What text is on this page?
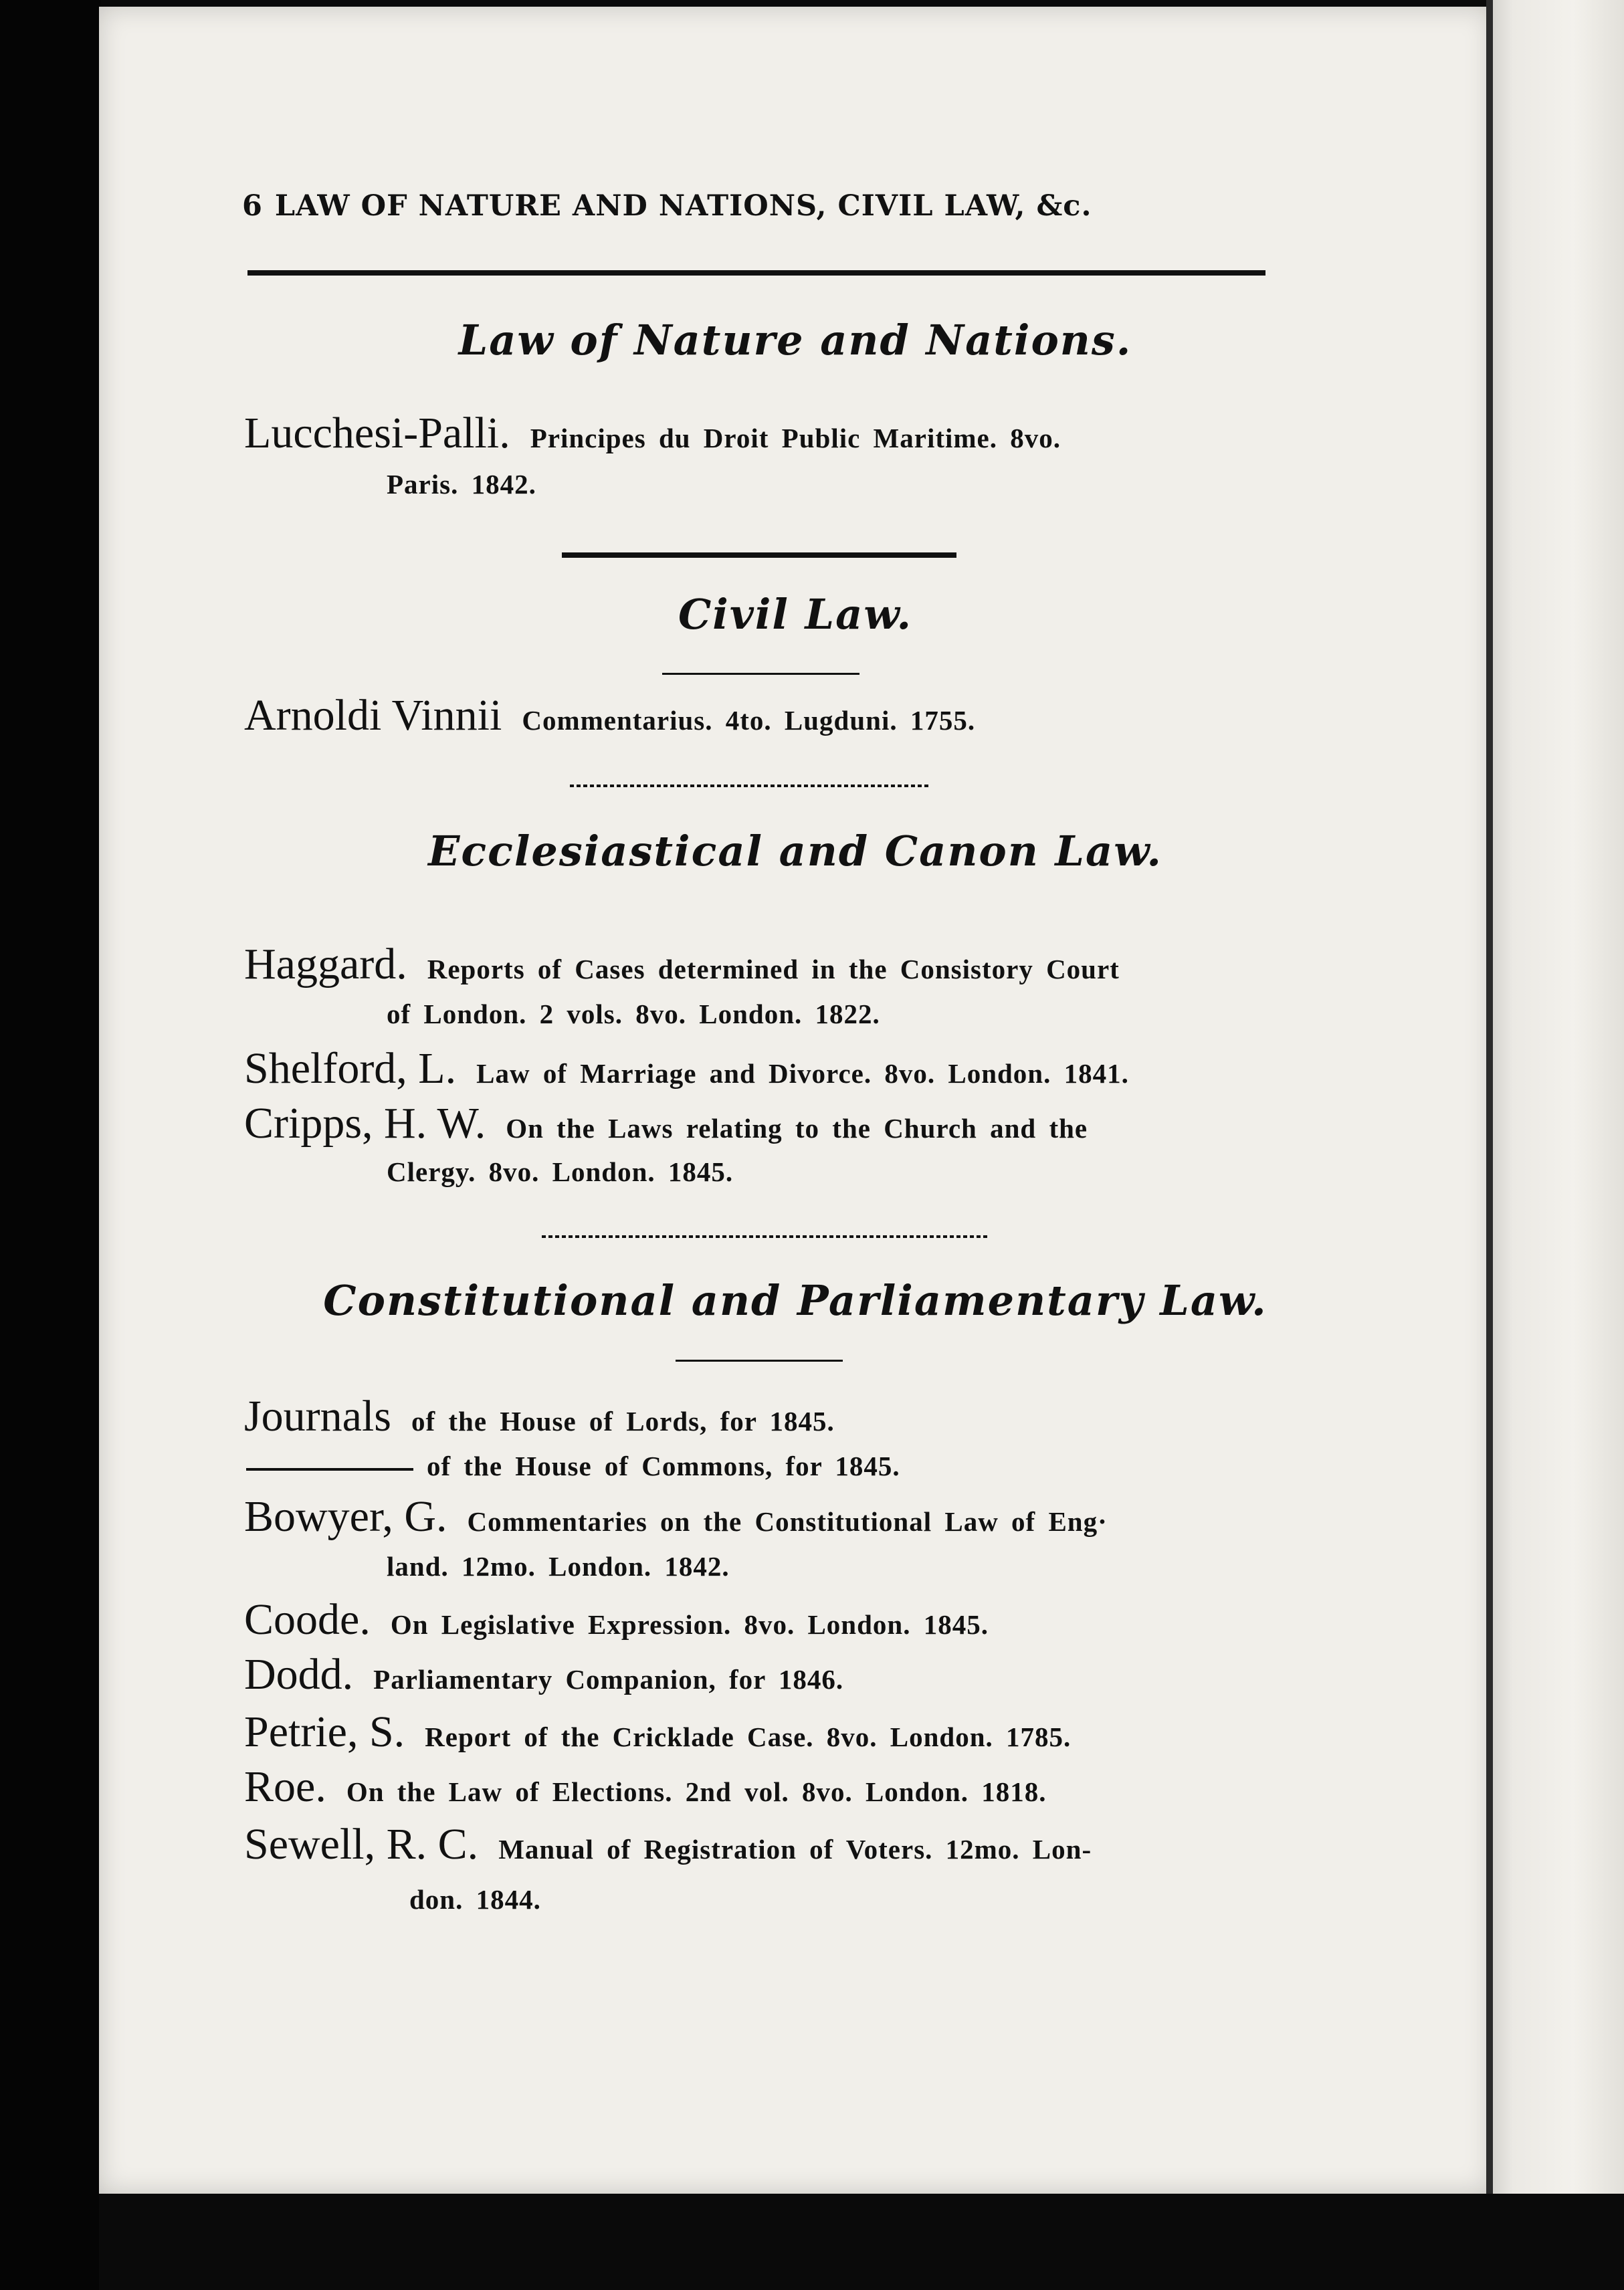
6 LAW OF NATURE AND NATIONS, CIVIL LAW, &c.
Law of Nature and Nations.
Lucchesi-Palli. Principes du Droit Public Maritime. 8vo.
Paris. 1842.
Civil Law.
Arnoldi Vinnii Commentarius. 4to. Lugduni. 1755.
Ecclesiastical and Canon Law.
Haggard. Reports of Cases determined in the Consistory Court
of London. 2 vols. 8vo. London. 1822.
Shelford, L. Law of Marriage and Divorce. 8vo. London. 1841.
Cripps, H. W. On the Laws relating to the Church and the
Clergy. 8vo. London. 1845.
Constitutional and Parliamentary Law.
Journals of the House of Lords, for 1845.
of the House of Commons, for 1845.
Bowyer, G. Commentaries on the Constitutional Law of Eng·
land. 12mo. London. 1842.
Coode. On Legislative Expression. 8vo. London. 1845.
Dodd. Parliamentary Companion, for 1846.
Petrie, S. Report of the Cricklade Case. 8vo. London. 1785.
Roe. On the Law of Elections. 2nd vol. 8vo. London. 1818.
Sewell, R. C. Manual of Registration of Voters. 12mo. Lon-
don. 1844.
